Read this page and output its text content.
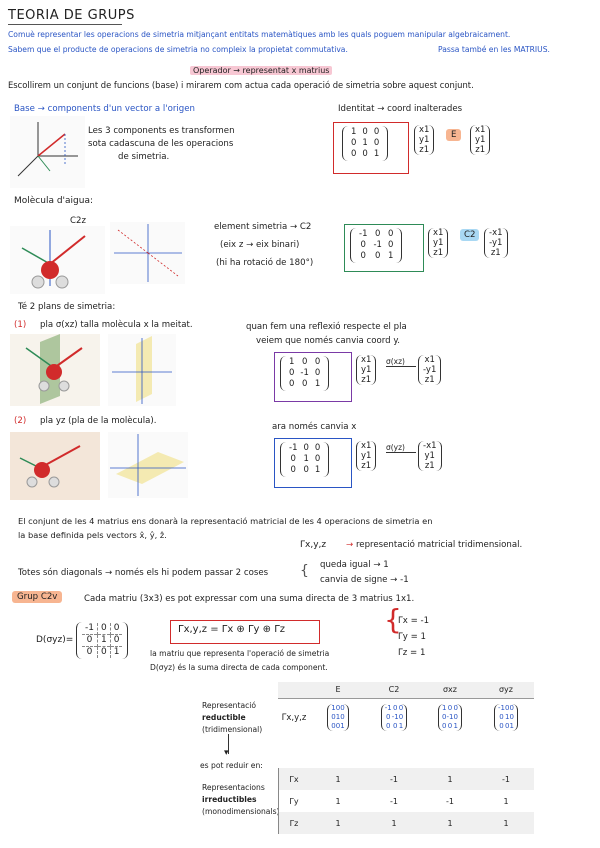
TEORIA DE GRUPS
Comuè representar les operacions de simetria mitjançant entitats matemàtiques amb les quals poguem manipular algebraicament.
Sabem que el producte de operacions de simetria no compleix la propietat commutativa.	Passa també en les MATRIUS.
Operador → representat x matrius
Escollirem un conjunt de funcions (base) i mirarem com actua cada operació de simetria sobre aquest conjunt.
Base → components d'un vector a l'origen
Les 3 components es transformen
sota cadascuna de les operacions
de simetria.
Identitat → coord inalterades
1	0	0
0	1	0
0	0	1
x1
y1
z1
E	x1
y1
z1
Molècula d'aigua:
C2z
element simetria → C2
(eix z → eix binari)
(hi ha rotació de 180°)
-1	0	0
0	-1	0
0	0	1
x1
y1
z1
C2	-x1
-y1
z1
Té 2 plans de simetria:
(1) pla σ(xz) talla molècula x la meitat.	quan fem una reflexió respecte el pla
veiem que només canvia coord y.
1	0	0
0	-1	0
0	0	1
x1
y1
z1
σ(xz)	x1
-y1
z1
(2) pla yz (pla de la molècula).
ara només canvia x
-1	0	0
0	1	0
0	0	1
x1
y1
z1
σ(yz)	-x1
y1
z1
El conjunt de les 4 matrius ens donarà la representació matricial de les 4 operacions de simetria en
la base definida pels vectors x̂, ŷ, ẑ.
Γx,y,z → representació matricial tridimensional.
Totes són diagonals → només els hi podem passar 2 coses { queda igual → 1
canvia de signe → -1
Grup C2v	Cada matriu (3x3) es pot expressar com una suma directa de 3 matrius 1x1.
D(σyz)=
-1	0	0
0	1	0
0	0	1
Γx,y,z = Γx ⊕ Γy ⊕ Γz
la matriu que representa l'operació de simetria
D(σyz) és la suma directa de cada component.
{
Γx = -1
Γy = 1
Γz = 1
Representació
reductible
(tridimensional)
	E	C2	σxz	σyz
Γx,y,z	
1	0	0
0	1	0
0	0	1

-1	0	0
0	-1	0
0	0	1

1	0	0
0	-1	0
0	0	1

-1	0	0
0	1	0
0	0	1
▾
es pot reduir en:
Representacions
irreductibles
(monodimensionals)
Γx	1	-1	1	-1
Γy	1	-1	-1	1
Γz	1	1	1	1
